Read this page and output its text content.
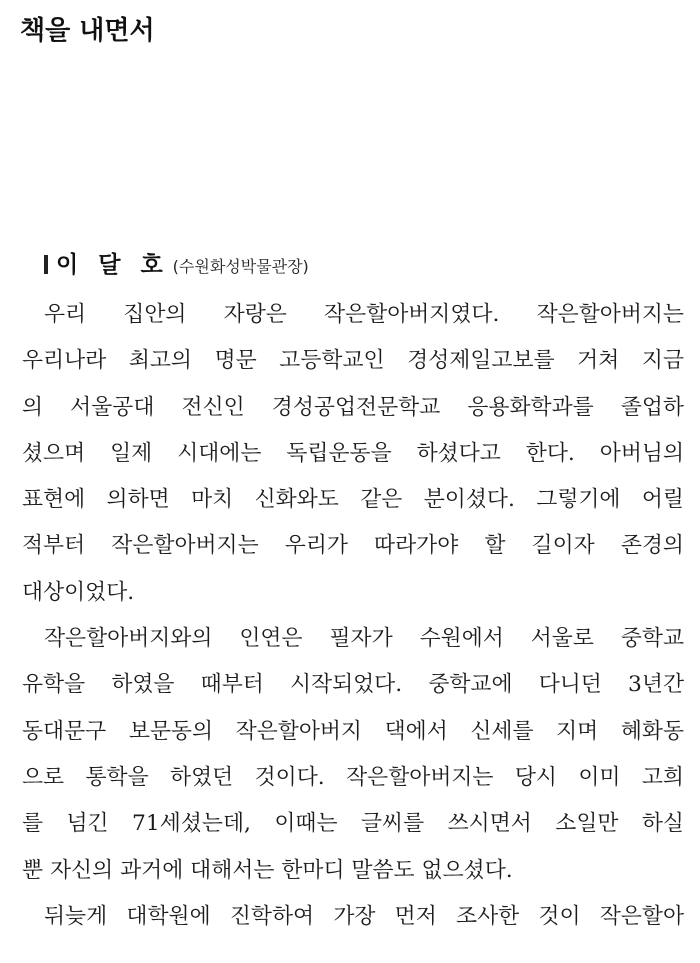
책을 내면서
이 달 호 (수원화성박물관장)
우리 집안의 자랑은 작은할아버지였다. 작은할아버지는
우리나라 최고의 명문 고등학교인 경성제일고보를 거쳐 지금
의 서울공대 전신인 경성공업전문학교 응용화학과를 졸업하
셨으며 일제 시대에는 독립운동을 하셨다고 한다. 아버님의
표현에 의하면 마치 신화와도 같은 분이셨다. 그렇기에 어릴
적부터 작은할아버지는 우리가 따라가야 할 길이자 존경의
대상이었다.
작은할아버지와의 인연은 필자가 수원에서 서울로 중학교
유학을 하였을 때부터 시작되었다. 중학교에 다니던 3년간
동대문구 보문동의 작은할아버지 댁에서 신세를 지며 혜화동
으로 통학을 하였던 것이다. 작은할아버지는 당시 이미 고희
를 넘긴 71세셨는데, 이때는 글씨를 쓰시면서 소일만 하실
뿐 자신의 과거에 대해서는 한마디 말씀도 없으셨다.
뒤늦게 대학원에 진학하여 가장 먼저 조사한 것이 작은할아
